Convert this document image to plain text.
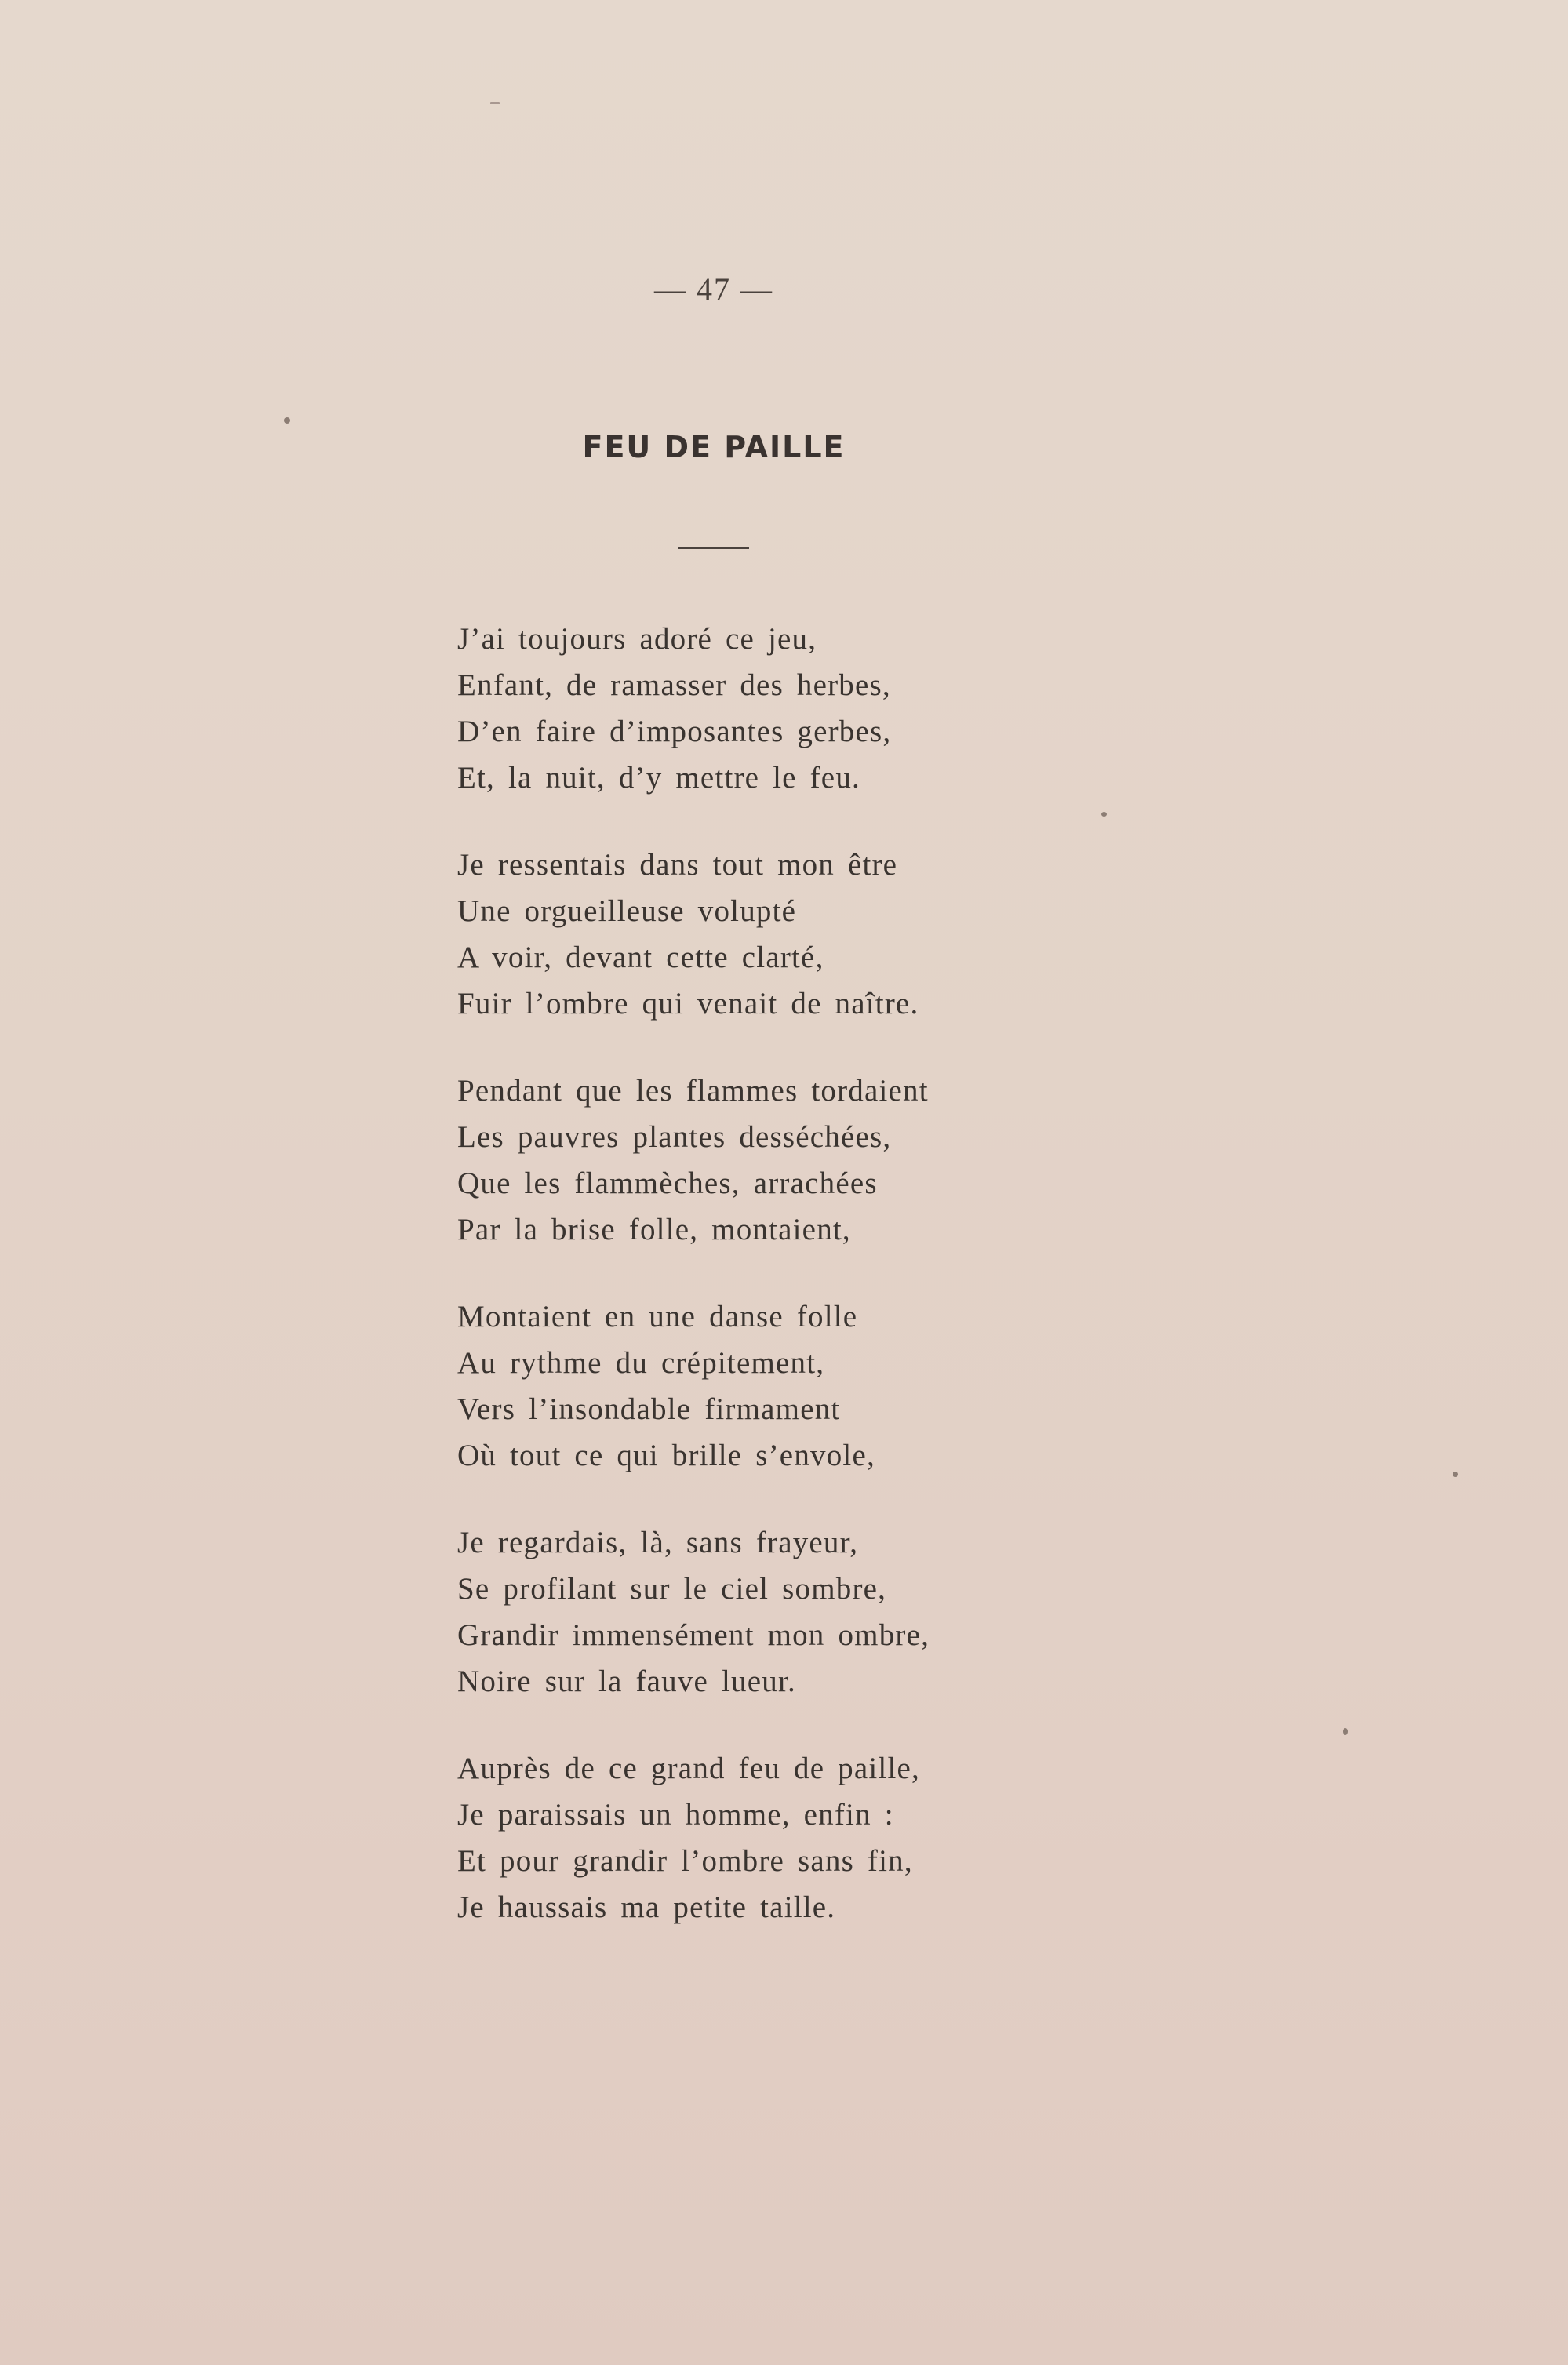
— 47 —
FEU DE PAILLE
J’ai toujours adoré ce jeu,
Enfant, de ramasser des herbes,
D’en faire d’imposantes gerbes,
Et, la nuit, d’y mettre le feu.
Je ressentais dans tout mon être
Une orgueilleuse volupté
A voir, devant cette clarté,
Fuir l’ombre qui venait de naître.
Pendant que les flammes tordaient
Les pauvres plantes desséchées,
Que les flammèches, arrachées
Par la brise folle, montaient,
Montaient en une danse folle
Au rythme du crépitement,
Vers l’insondable firmament
Où tout ce qui brille s’envole,
Je regardais, là, sans frayeur,
Se profilant sur le ciel sombre,
Grandir immensément mon ombre,
Noire sur la fauve lueur.
Auprès de ce grand feu de paille,
Je paraissais un homme, enfin :
Et pour grandir l’ombre sans fin,
Je haussais ma petite taille.
